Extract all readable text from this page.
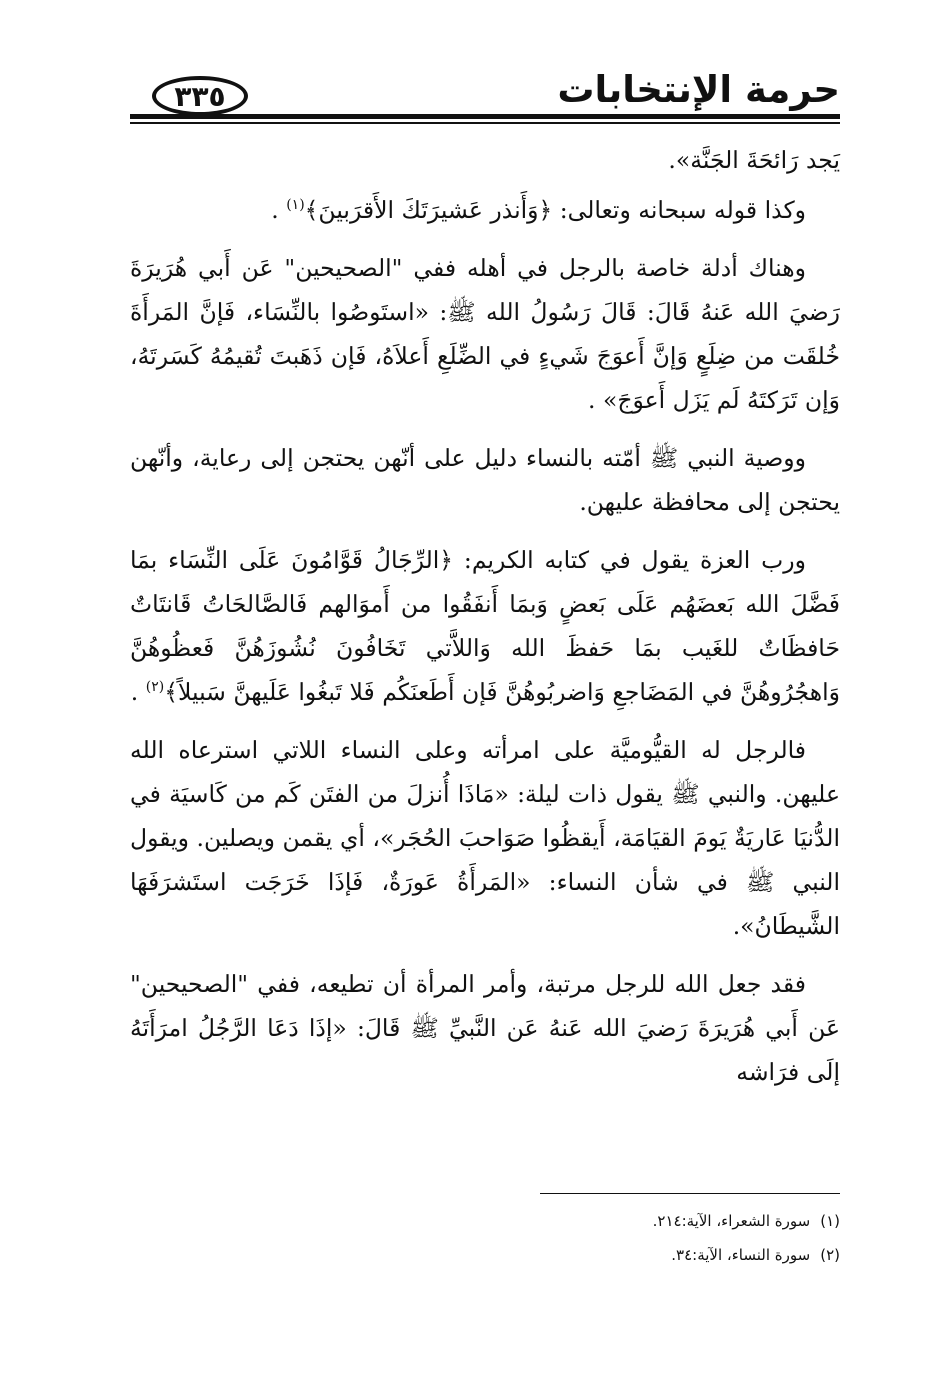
حرمة الإنتخابات
٣٣٥

يَجد رَائحَةَ الجَنَّة».

وكذا قوله سبحانه وتعالى: ﴿وَأَنذر عَشيرَتَكَ الأَقرَبينَ﴾$^{(١)}$ .

وهناك أدلة خاصة بالرجل في أهله ففي "الصحيحين" عَن أَبي هُرَيرَةَ رَضيَ الله عَنهُ قَالَ: قَالَ رَسُولُ الله ﷺ: «استَوصُوا بالنِّسَاء، فَإنَّ المَرأَةَ خُلقَت من ضِلَعٍ وَإنَّ أَعوَجَ شَيءٍ في الضِّلَعِ أَعلاَهُ، فَإن ذَهَبتَ تُقيمُهُ كَسَرتَهُ، وَإن تَرَكتَهُ لَم يَزَل أَعوَجَ» .

ووصية النبي ﷺ أمّته بالنساء دليل على أنّهن يحتجن إلى رعاية، وأنّهن يحتجن إلى محافظة عليهن.

ورب العزة يقول في كتابه الكريم: ﴿الرِّجَالُ قَوَّامُونَ عَلَى النِّسَاء بمَا فَضَّلَ الله بَعضَهُم عَلَى بَعضٍ وَبمَا أَنفَقُوا من أَموَالهم فَالصَّالحَاتُ قَانتَاتٌ حَافظَاتٌ للغَيب بمَا حَفظَ الله وَاللاَّتي تَخَافُونَ نُشُوزَهُنَّ فَعظُوهُنَّ وَاهجُرُوهُنَّ في المَضَاجعِ وَاضربُوهُنَّ فَإن أَطَعنَكُم فَلا تَبغُوا عَلَيهنَّ سَبيلاً﴾$^{(٢)}$ .

فالرجل له القيُّوميَّة على امرأته وعلى النساء اللاتي استرعاه الله عليهن. والنبي ﷺ يقول ذات ليلة: «مَاذَا أُنزلَ من الفتَن كَم من كَاسيَة في الدُّنيَا عَاريَةٌ يَومَ القيَامَة، أَيقظُوا صَوَاحبَ الحُجَر»، أي يقمن ويصلين. ويقول النبي ﷺ في شأن النساء: «المَرأَةُ عَورَةٌ، فَإذَا خَرَجَت استَشرَفَهَا الشَّيطَانُ».

فقد جعل الله للرجل مرتبة، وأمر المرأة أن تطيعه، ففي "الصحيحين" عَن أَبي هُرَيرَةَ رَضيَ الله عَنهُ عَن النَّبيِّ ﷺ قَالَ: «إذَا دَعَا الرَّجُلُ امرَأَتَهُ إلَى فرَاشه

(١)سورة الشعراء، الآية:٢١٤.
(٢)سورة النساء، الآية:٣٤.
